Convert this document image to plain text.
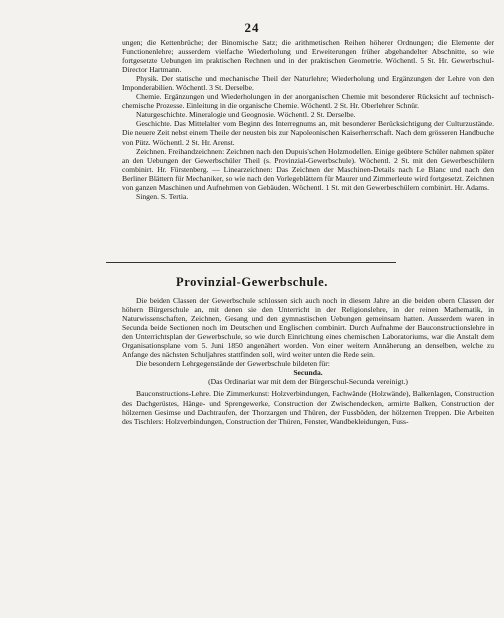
24

ungen; die Kettenbrüche; der Binomische Satz; die arithmetischen Reihen höherer Ordnungen; die Elemente der Functionenlehre; ausserdem vielfache Wiederholung und Erweiterungen früher abgehandelter Abschnitte, so wie fortgesetzte Uebungen im praktischen Rechnen und in der praktischen Geometrie. Wöchentl. 5 St. Hr. Gewerbschul-Director Hartmann.

Physik. Der statische und mechanische Theil der Naturlehre; Wiederholung und Ergänzungen der Lehre von den Imponderabilien. Wöchentl. 3 St. Derselbe.

Chemie. Ergänzungen und Wiederholungen in der anorganischen Chemie mit besonderer Rücksicht auf technisch-chemische Prozesse. Einleitung in die organische Chemie. Wöchentl. 2 St. Hr. Oberlehrer Schnür.

Naturgeschichte. Mineralogie und Geognosie. Wöchentl. 2 St. Derselbe.

Geschichte. Das Mittelalter vom Beginn des Interregnums an, mit besonderer Berücksichtigung der Culturzustände. Die neuere Zeit nebst einem Theile der neusten bis zur Napoleonischen Kaiserherrschaft. Nach dem grösseren Handbuche von Pütz. Wöchentl. 2 St. Hr. Arenst.

Zeichnen. Freihandzeichnen: Zeichnen nach den Dupuis'schen Holzmodellen. Einige geübtere Schüler nahmen später an den Uebungen der Gewerbschüler Theil (s. Provinzial-Gewerbschule). Wöchentl. 2 St. mit den Gewerbeschülern combinirt. Hr. Fürstenberg. — Linearzeichnen: Das Zeichnen der Maschinen-Details nach Le Blanc und nach den Berliner Blättern für Mechaniker, so wie nach den Vorlegeblättern für Maurer und Zimmerleute wird fortgesetzt. Zeichnen von ganzen Maschinen und Aufnehmen von Gebäuden. Wöchentl. 1 St. mit den Gewerbeschülern combinirt. Hr. Adams.

Singen. S. Tertia.

Provinzial-Gewerbschule.

Die beiden Classen der Gewerbschule schlossen sich auch noch in diesem Jahre an die beiden obern Classen der höhern Bürgerschule an, mit denen sie den Unterricht in der Religionslehre, in der reinen Mathematik, in Naturwissenschaften, Zeichnen, Gesang und den gymnastischen Uebungen gemeinsam hatten. Ausserdem waren in Secunda beide Sectionen noch im Deutschen und Englischen combinirt. Durch Aufnahme der Bauconstructionslehre in den Unterrichtsplan der Gewerbschule, so wie durch Einrichtung eines chemischen Laboratoriums, war die Anstalt dem Organisationsplane vom 5. Juni 1850 angenähert worden. Von einer weitern Annäherung an denselben, welche zu Anfange des nächsten Schuljahres stattfinden soll, wird weiter unten die Rede sein.

Die besondern Lehrgegenstände der Gewerbschule bildeten für:

Secunda.

(Das Ordinariat war mit dem der Bürgerschul-Secunda vereinigt.)

Bauconstructions-Lehre. Die Zimmerkunst: Holzverbindungen, Fachwände (Holzwände), Balkenlagen, Construction des Dachgerüstes, Hänge- und Sprengewerke, Construction der Zwischendecken, armirte Balken, Construction der hölzernen Gesimse und Dachtraufen, der Thorzargen und Thüren, der Fussböden, der hölzernen Treppen. Die Arbeiten des Tischlers: Holzverbindungen, Construction der Thüren, Fenster, Wandbekleidungen, Fuss-
